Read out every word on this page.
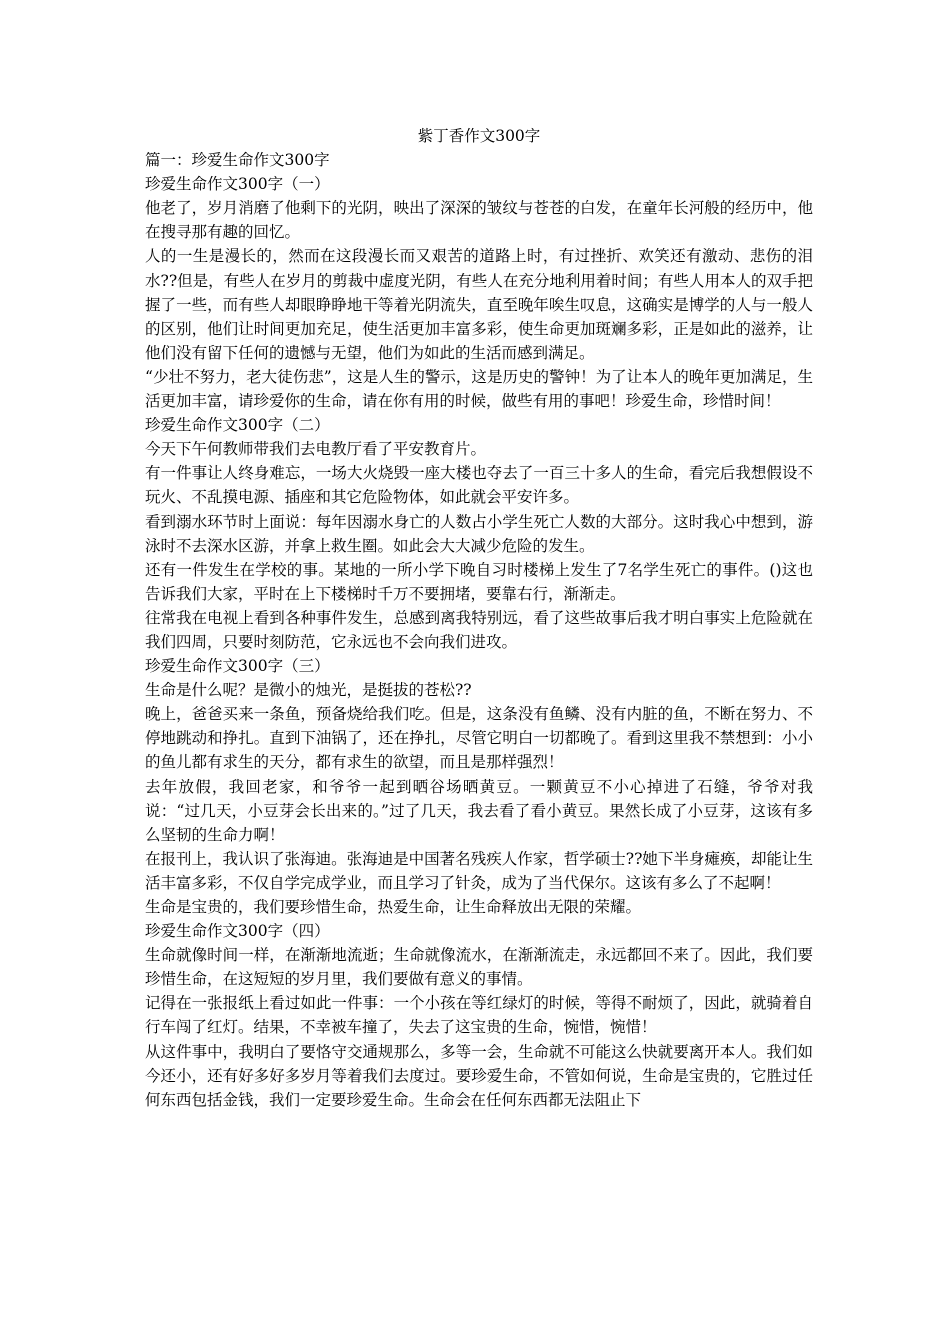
紫丁香作文300字

篇一：珍爱生命作文300字

珍爱生命作文300字（一）

他老了，岁月消磨了他剩下的光阴，映出了深深的皱纹与苍苍的白发，在童年长河般的经历中，他在搜寻那有趣的回忆。

人的一生是漫长的，然而在这段漫长而又艰苦的道路上时，有过挫折、欢笑还有激动、悲伤的泪水??但是，有些人在岁月的剪裁中虚度光阴，有些人在充分地利用着时间；有些人用本人的双手把握了一些，而有些人却眼睁睁地干等着光阴流失，直至晚年唉生叹息，这确实是博学的人与一般人的区别，他们让时间更加充足，使生活更加丰富多彩，使生命更加斑斓多彩，正是如此的滋养，让他们没有留下任何的遗憾与无望，他们为如此的生活而感到满足。

“少壮不努力，老大徒伤悲”，这是人生的警示，这是历史的警钟！为了让本人的晚年更加满足，生活更加丰富，请珍爱你的生命，请在你有用的时候，做些有用的事吧！珍爱生命，珍惜时间！

珍爱生命作文300字（二）

今天下午何教师带我们去电教厅看了平安教育片。

有一件事让人终身难忘，一场大火烧毁一座大楼也夺去了一百三十多人的生命，看完后我想假设不玩火、不乱摸电源、插座和其它危险物体，如此就会平安许多。

看到溺水环节时上面说：每年因溺水身亡的人数占小学生死亡人数的大部分。这时我心中想到，游泳时不去深水区游，并拿上救生圈。如此会大大减少危险的发生。

还有一件发生在学校的事。某地的一所小学下晚自习时楼梯上发生了7名学生死亡的事件。()这也告诉我们大家，平时在上下楼梯时千万不要拥堵，要靠右行，渐渐走。

往常我在电视上看到各种事件发生，总感到离我特别远，看了这些故事后我才明白事实上危险就在我们四周，只要时刻防范，它永远也不会向我们进攻。

珍爱生命作文300字（三）

生命是什么呢？是微小的烛光，是挺拔的苍松??

晚上，爸爸买来一条鱼，预备烧给我们吃。但是，这条没有鱼鳞、没有内脏的鱼，不断在努力、不停地跳动和挣扎。直到下油锅了，还在挣扎，尽管它明白一切都晚了。看到这里我不禁想到：小小的鱼儿都有求生的天分，都有求生的欲望，而且是那样强烈！

去年放假，我回老家，和爷爷一起到晒谷场晒黄豆。一颗黄豆不小心掉进了石缝，爷爷对我说：“过几天，小豆芽会长出来的。”过了几天，我去看了看小黄豆。果然长成了小豆芽，这该有多么坚韧的生命力啊！

在报刊上，我认识了张海迪。张海迪是中国著名残疾人作家，哲学硕士??她下半身瘫痪，却能让生活丰富多彩，不仅自学完成学业，而且学习了针灸，成为了当代保尔。这该有多么了不起啊！

生命是宝贵的，我们要珍惜生命，热爱生命，让生命释放出无限的荣耀。

珍爱生命作文300字（四）

生命就像时间一样，在渐渐地流逝；生命就像流水，在渐渐流走，永远都回不来了。因此，我们要珍惜生命，在这短短的岁月里，我们要做有意义的事情。

记得在一张报纸上看过如此一件事：一个小孩在等红绿灯的时候，等得不耐烦了，因此，就骑着自行车闯了红灯。结果，不幸被车撞了，失去了这宝贵的生命，惋惜，惋惜！

从这件事中，我明白了要恪守交通规那么，多等一会，生命就不可能这么快就要离开本人。我们如今还小，还有好多好多岁月等着我们去度过。要珍爱生命，不管如何说，生命是宝贵的，它胜过任何东西包括金钱，我们一定要珍爱生命。生命会在任何东西都无法阻止下
